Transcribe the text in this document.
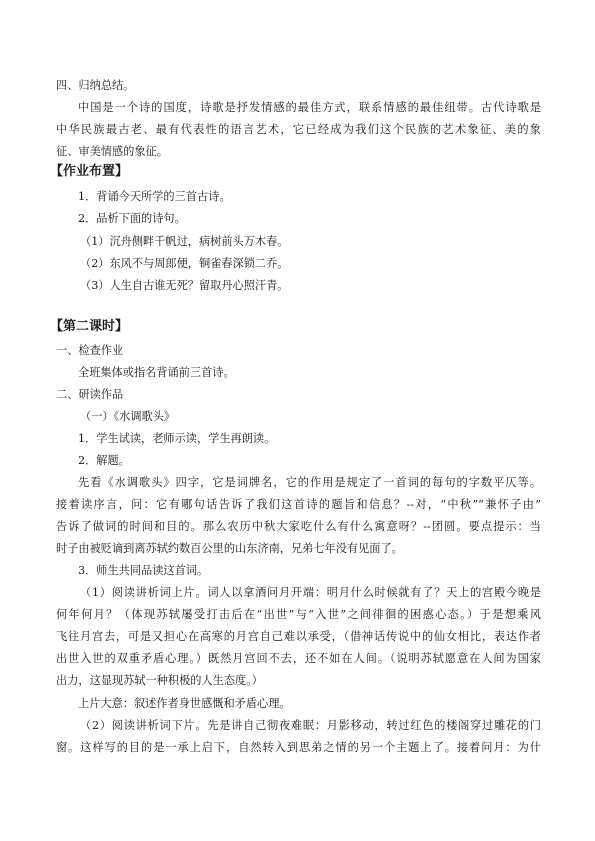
四、归纳总结。
中国是一个诗的国度，诗歌是抒发情感的最佳方式，联系情感的最佳纽带。古代诗歌是
中华民族最古老、最有代表性的语言艺术，它已经成为我们这个民族的艺术象征、美的象
征、审美情感的象征。
【作业布置】
1．背诵今天所学的三首古诗。
2．品析下面的诗句。
（1）沉舟侧畔千帆过，病树前头万木春。
（2）东风不与周郎便，铜雀春深锁二乔。
（3）人生自古谁无死？留取丹心照汗青。
【第二课时】
一、检查作业
全班集体或指名背诵前三首诗。
二、研读作品
（一）《水调歌头》
1．学生试读，老师示读，学生再朗读。
2．解题。
先看《水调歌头》四字，它是词牌名，它的作用是规定了一首词的每句的字数平仄等。
接着读序言，问：它有哪句话告诉了我们这首诗的题旨和信息？--对，“中秋”“兼怀子由”
告诉了做词的时间和目的。那么农历中秋大家吃什么有什么寓意呀？--团圆。要点提示：当
时子由被贬谪到离苏轼约数百公里的山东济南，兄弟七年没有见面了。
3．师生共同品读这首词。
（1）阅读讲析词上片。词人以拿酒问月开端：明月什么时候就有了？天上的宫殿今晚是
何年何月？（体现苏轼屡受打击后在“出世”与“入世”之间徘徊的困惑心态。）于是想乘风
飞往月宫去，可是又担心在高寒的月宫自己难以承受，（借神话传说中的仙女相比，表达作者
出世入世的双重矛盾心理。）既然月宫回不去，还不如在人间。（说明苏轼愿意在人间为国家
出力，这显现苏轼一种积极的人生态度。）
上片大意：叙述作者身世感慨和矛盾心理。
（2）阅读讲析词下片。先是讲自己彻夜难眠：月影移动，转过红色的楼阁穿过雕花的门
窗。这样写的目的是一承上启下，自然转入到思弟之情的另一个主题上了。接着问月：为什
